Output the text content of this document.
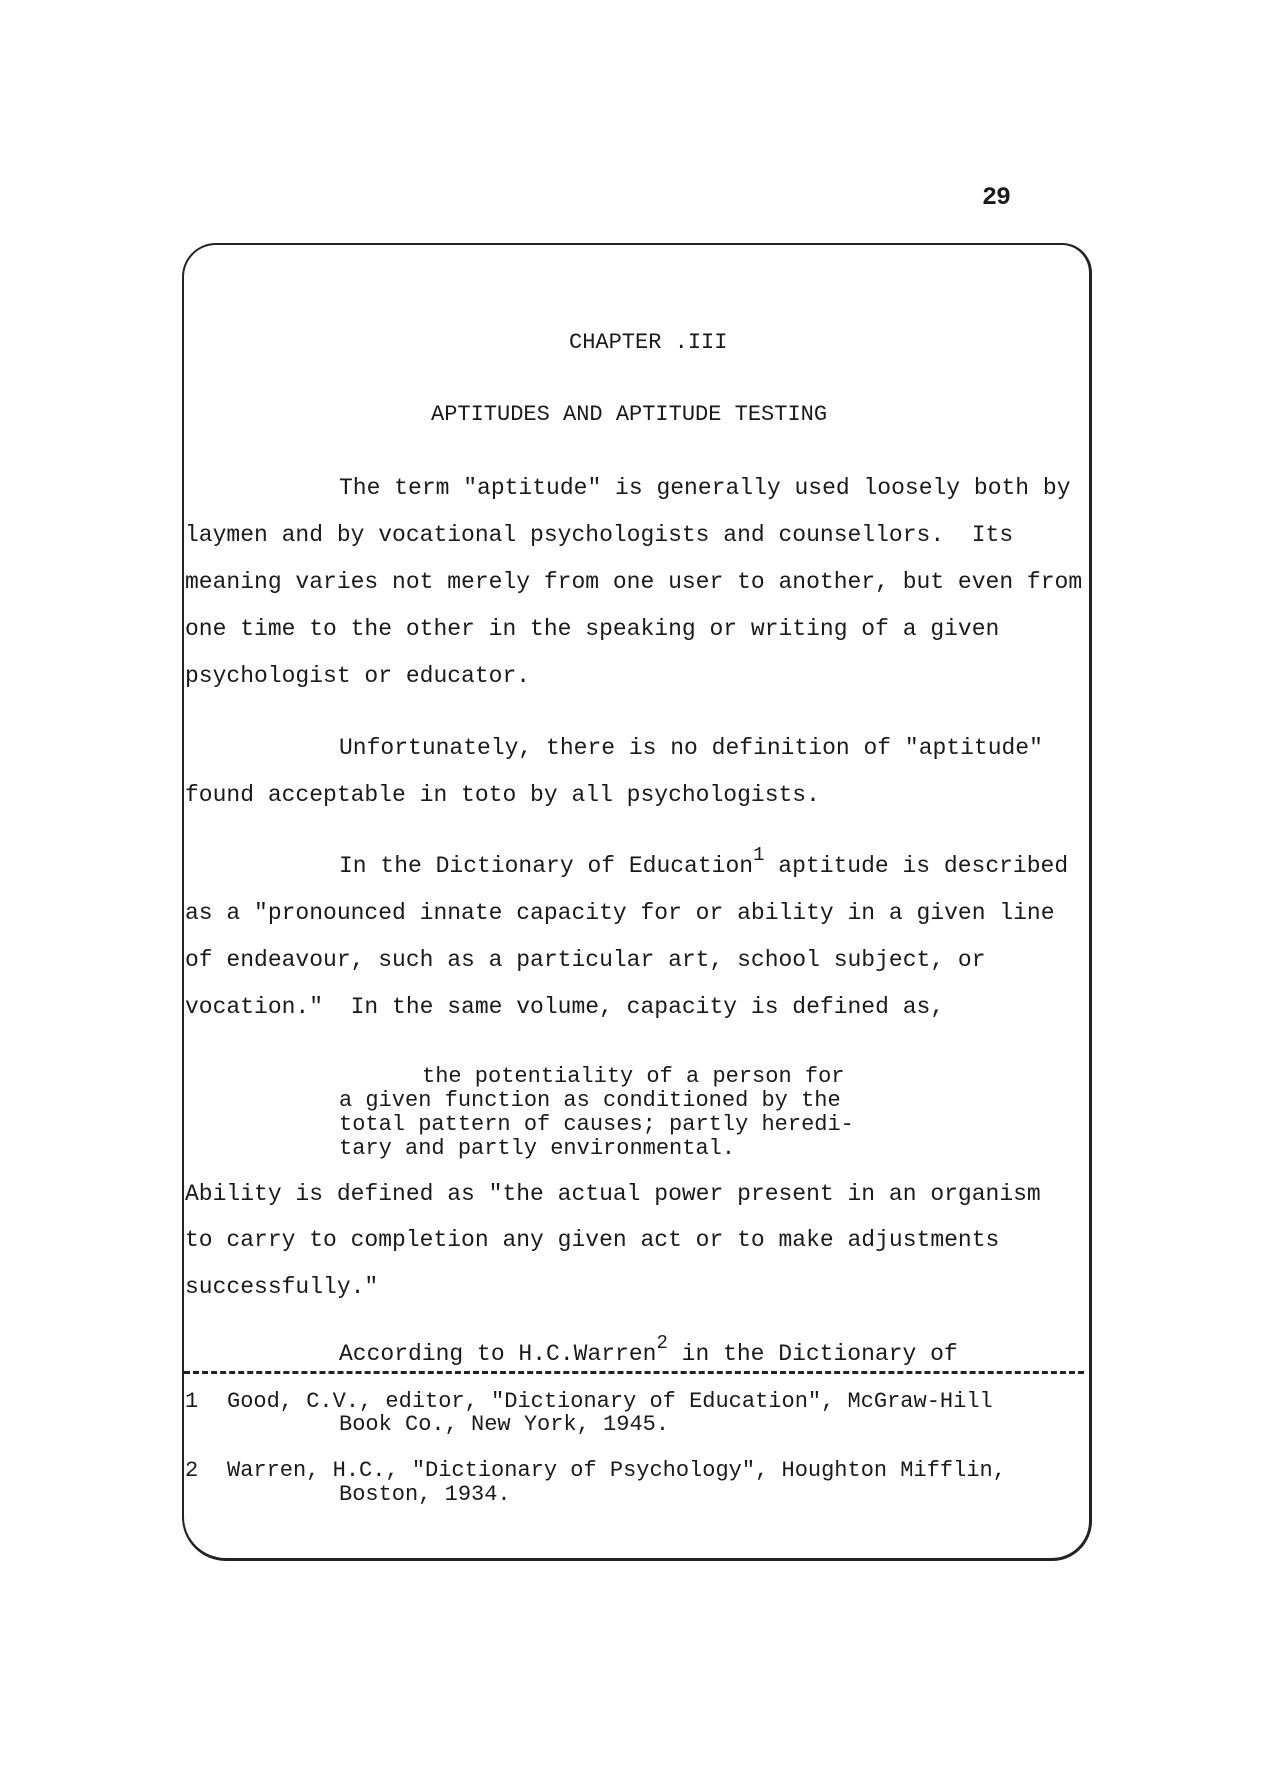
29
CHAPTER .III
APTITUDES AND APTITUDE TESTING
The term "aptitude" is generally used loosely both by
laymen and by vocational psychologists and counsellors.  Its
meaning varies not merely from one user to another, but even from
one time to the other in the speaking or writing of a given
psychologist or educator.
Unfortunately, there is no definition of "aptitude"
found acceptable in toto by all psychologists.
In the Dictionary of Education$^1$ aptitude is described
as a "pronounced innate capacity for or ability in a given line
of endeavour, such as a particular art, school subject, or
vocation."  In the same volume, capacity is defined as,
the potentiality of a person for
a given function as conditioned by the
total pattern of causes; partly heredi-
tary and partly environmental.
Ability is defined as "the actual power present in an organism
to carry to completion any given act or to make adjustments
successfully."
According to H.C.Warren$^2$ in the Dictionary of
1 Good, C.V., editor, "Dictionary of Education", McGraw-Hill
Book Co., New York, 1945.
2 Warren, H.C., "Dictionary of Psychology", Houghton Mifflin,
Boston, 1934.
